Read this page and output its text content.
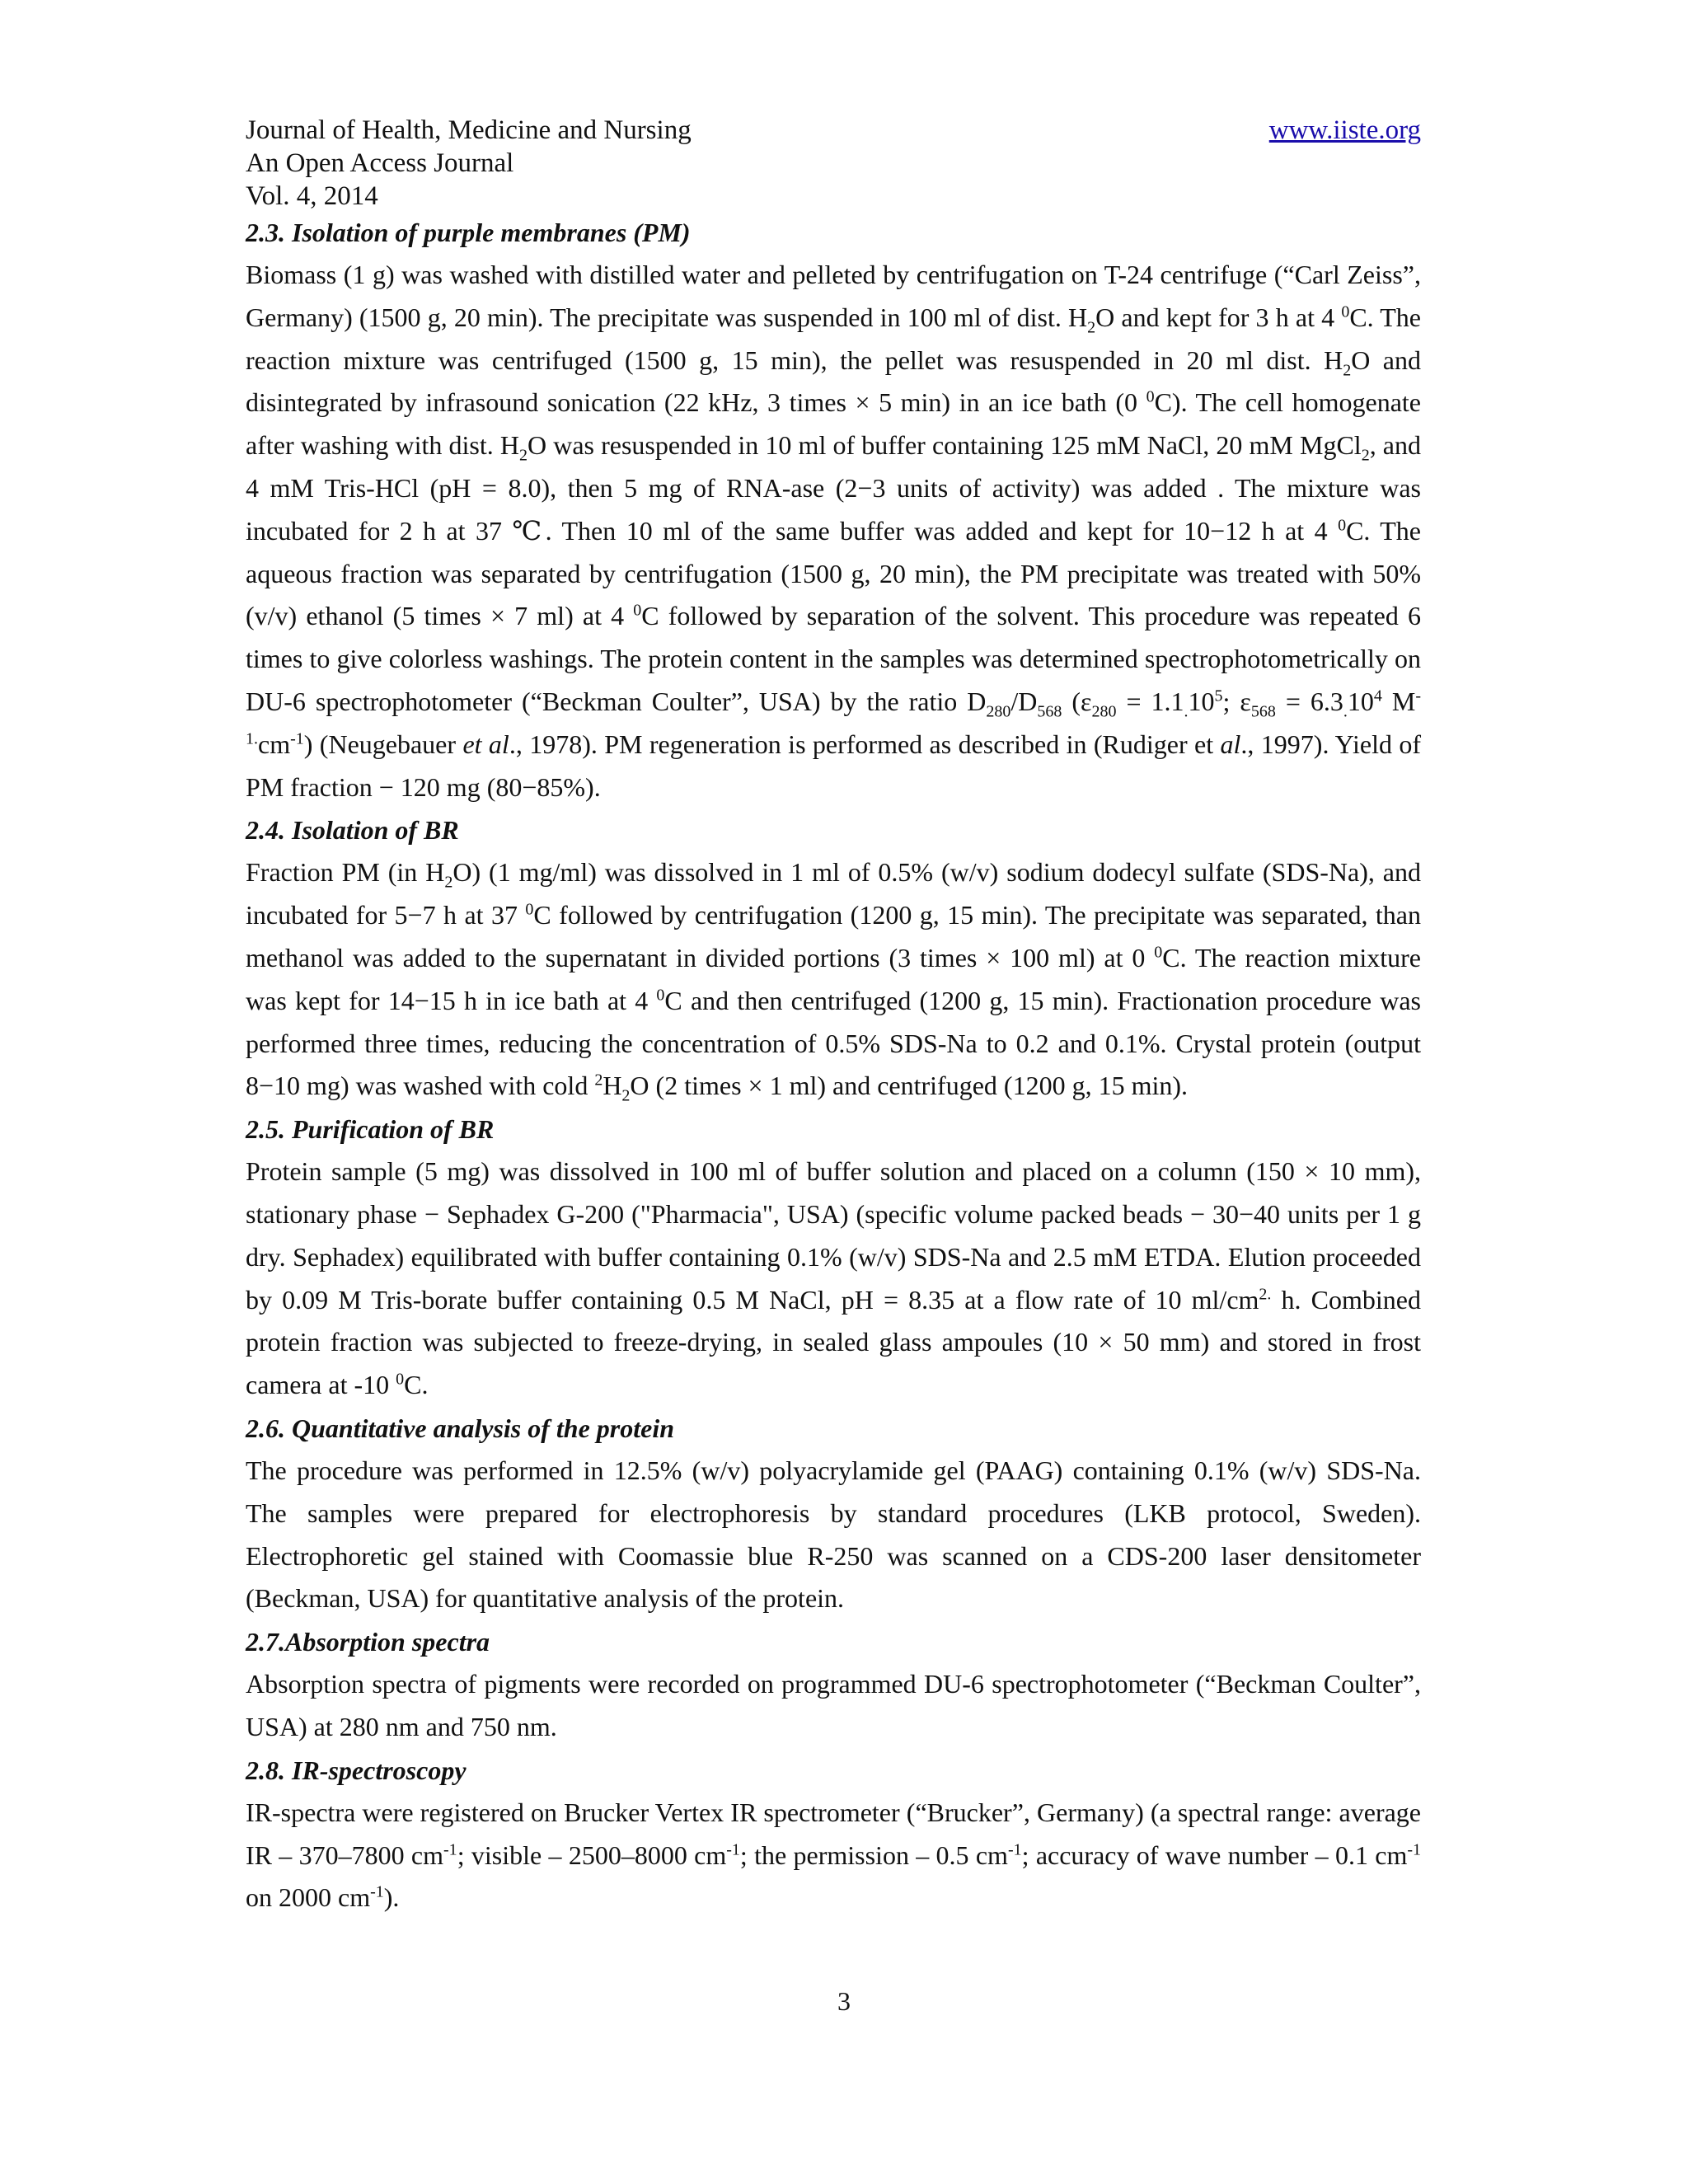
Journal of Health, Medicine and Nursing	www.iiste.org
An Open Access Journal
Vol. 4, 2014
2.3. Isolation of purple membranes (PM)

Biomass (1 g) was washed with distilled water and pelleted by centrifugation on T-24 centrifuge (“Carl Zeiss”, Germany) (1500 g, 20 min). The precipitate was suspended in 100 ml of dist. $H_2O$ and kept for 3 h at 4 $^0$C. The reaction mixture was centrifuged (1500 g, 15 min), the pellet was resuspended in 20 ml dist. $H_2O$ and disintegrated by infrasound sonication (22 kHz, 3 times × 5 min) in an ice bath (0 $^0$C). The cell homogenate after washing with dist. $H_2O$ was resuspended in 10 ml of buffer containing 125 mM NaCl, 20 mM MgCl$_2$, and 4 mM Tris-HCl (pH = 8.0), then 5 mg of RNA-ase (2−3 units of activity) was added . The mixture was incubated for 2 h at 37 ℃. Then 10 ml of the same buffer was added and kept for 10−12 h at 4 $^0$C. The aqueous fraction was separated by centrifugation (1500 g, 20 min), the PM precipitate was treated with 50% (v/v) ethanol (5 times × 7 ml) at 4 $^0$C followed by separation of the solvent. This procedure was repeated 6 times to give colorless washings. The protein content in the samples was determined spectrophotometrically on DU-6 spectrophotometer (“Beckman Coulter”, USA) by the ratio $D_{280}/D_{568}$ ($\varepsilon_{280} = 1.1_.10^5$; $\varepsilon_{568} = 6.3_.10^4$ $M^{-1.}cm^{-1}$) (Neugebauer et al., 1978). PM regeneration is performed as described in (Rudiger et al., 1997). Yield of PM fraction − 120 mg (80−85%).

2.4. Isolation of BR

Fraction PM (in $H_2O$) (1 mg/ml) was dissolved in 1 ml of 0.5% (w/v) sodium dodecyl sulfate (SDS-Na), and incubated for 5−7 h at 37 $^0$C followed by centrifugation (1200 g, 15 min). The precipitate was separated, than methanol was added to the supernatant in divided portions (3 times × 100 ml) at 0 $^0$C. The reaction mixture was kept for 14−15 h in ice bath at 4 $^0$C and then centrifuged (1200 g, 15 min). Fractionation procedure was performed three times, reducing the concentration of 0.5% SDS-Na to 0.2 and 0.1%. Crystal protein (output 8−10 mg) was washed with cold $^2H_2O$ (2 times × 1 ml) and centrifuged (1200 g, 15 min).

2.5. Purification of BR

Protein sample (5 mg) was dissolved in 100 ml of buffer solution and placed on a column (150 × 10 mm), stationary phase − Sephadex G-200 ("Pharmacia", USA) (specific volume packed beads − 30−40 units per 1 g dry. Sephadex) equilibrated with buffer containing 0.1% (w/v) SDS-Na and 2.5 mM ETDA. Elution proceeded by 0.09 M Tris-borate buffer containing 0.5 M NaCl, pH = 8.35 at a flow rate of 10 $ml/cm^{2.}$ h. Combined protein fraction was subjected to freeze-drying, in sealed glass ampoules (10 × 50 mm) and stored in frost camera at -10 $^0$C.

2.6. Quantitative analysis of the protein

The procedure was performed in 12.5% (w/v) polyacrylamide gel (PAAG) containing 0.1% (w/v) SDS-Na. The samples were prepared for electrophoresis by standard procedures (LKB protocol, Sweden). Electrophoretic gel stained with Coomassie blue R-250 was scanned on a CDS-200 laser densitometer (Beckman, USA) for quantitative analysis of the protein.

2.7.Absorption spectra

Absorption spectra of pigments were recorded on programmed DU-6 spectrophotometer (“Beckman Coulter”, USA) at 280 nm and 750 nm.

2.8. IR-spectroscopy

IR-spectra were registered on Brucker Vertex IR spectrometer (“Brucker”, Germany) (a spectral range: average IR – 370–7800 $cm^{-1}$; visible – 2500–8000 $cm^{-1}$; the permission – 0.5 $cm^{-1}$; accuracy of wave number – 0.1 $cm^{-1}$ on 2000 $cm^{-1}$).

3
